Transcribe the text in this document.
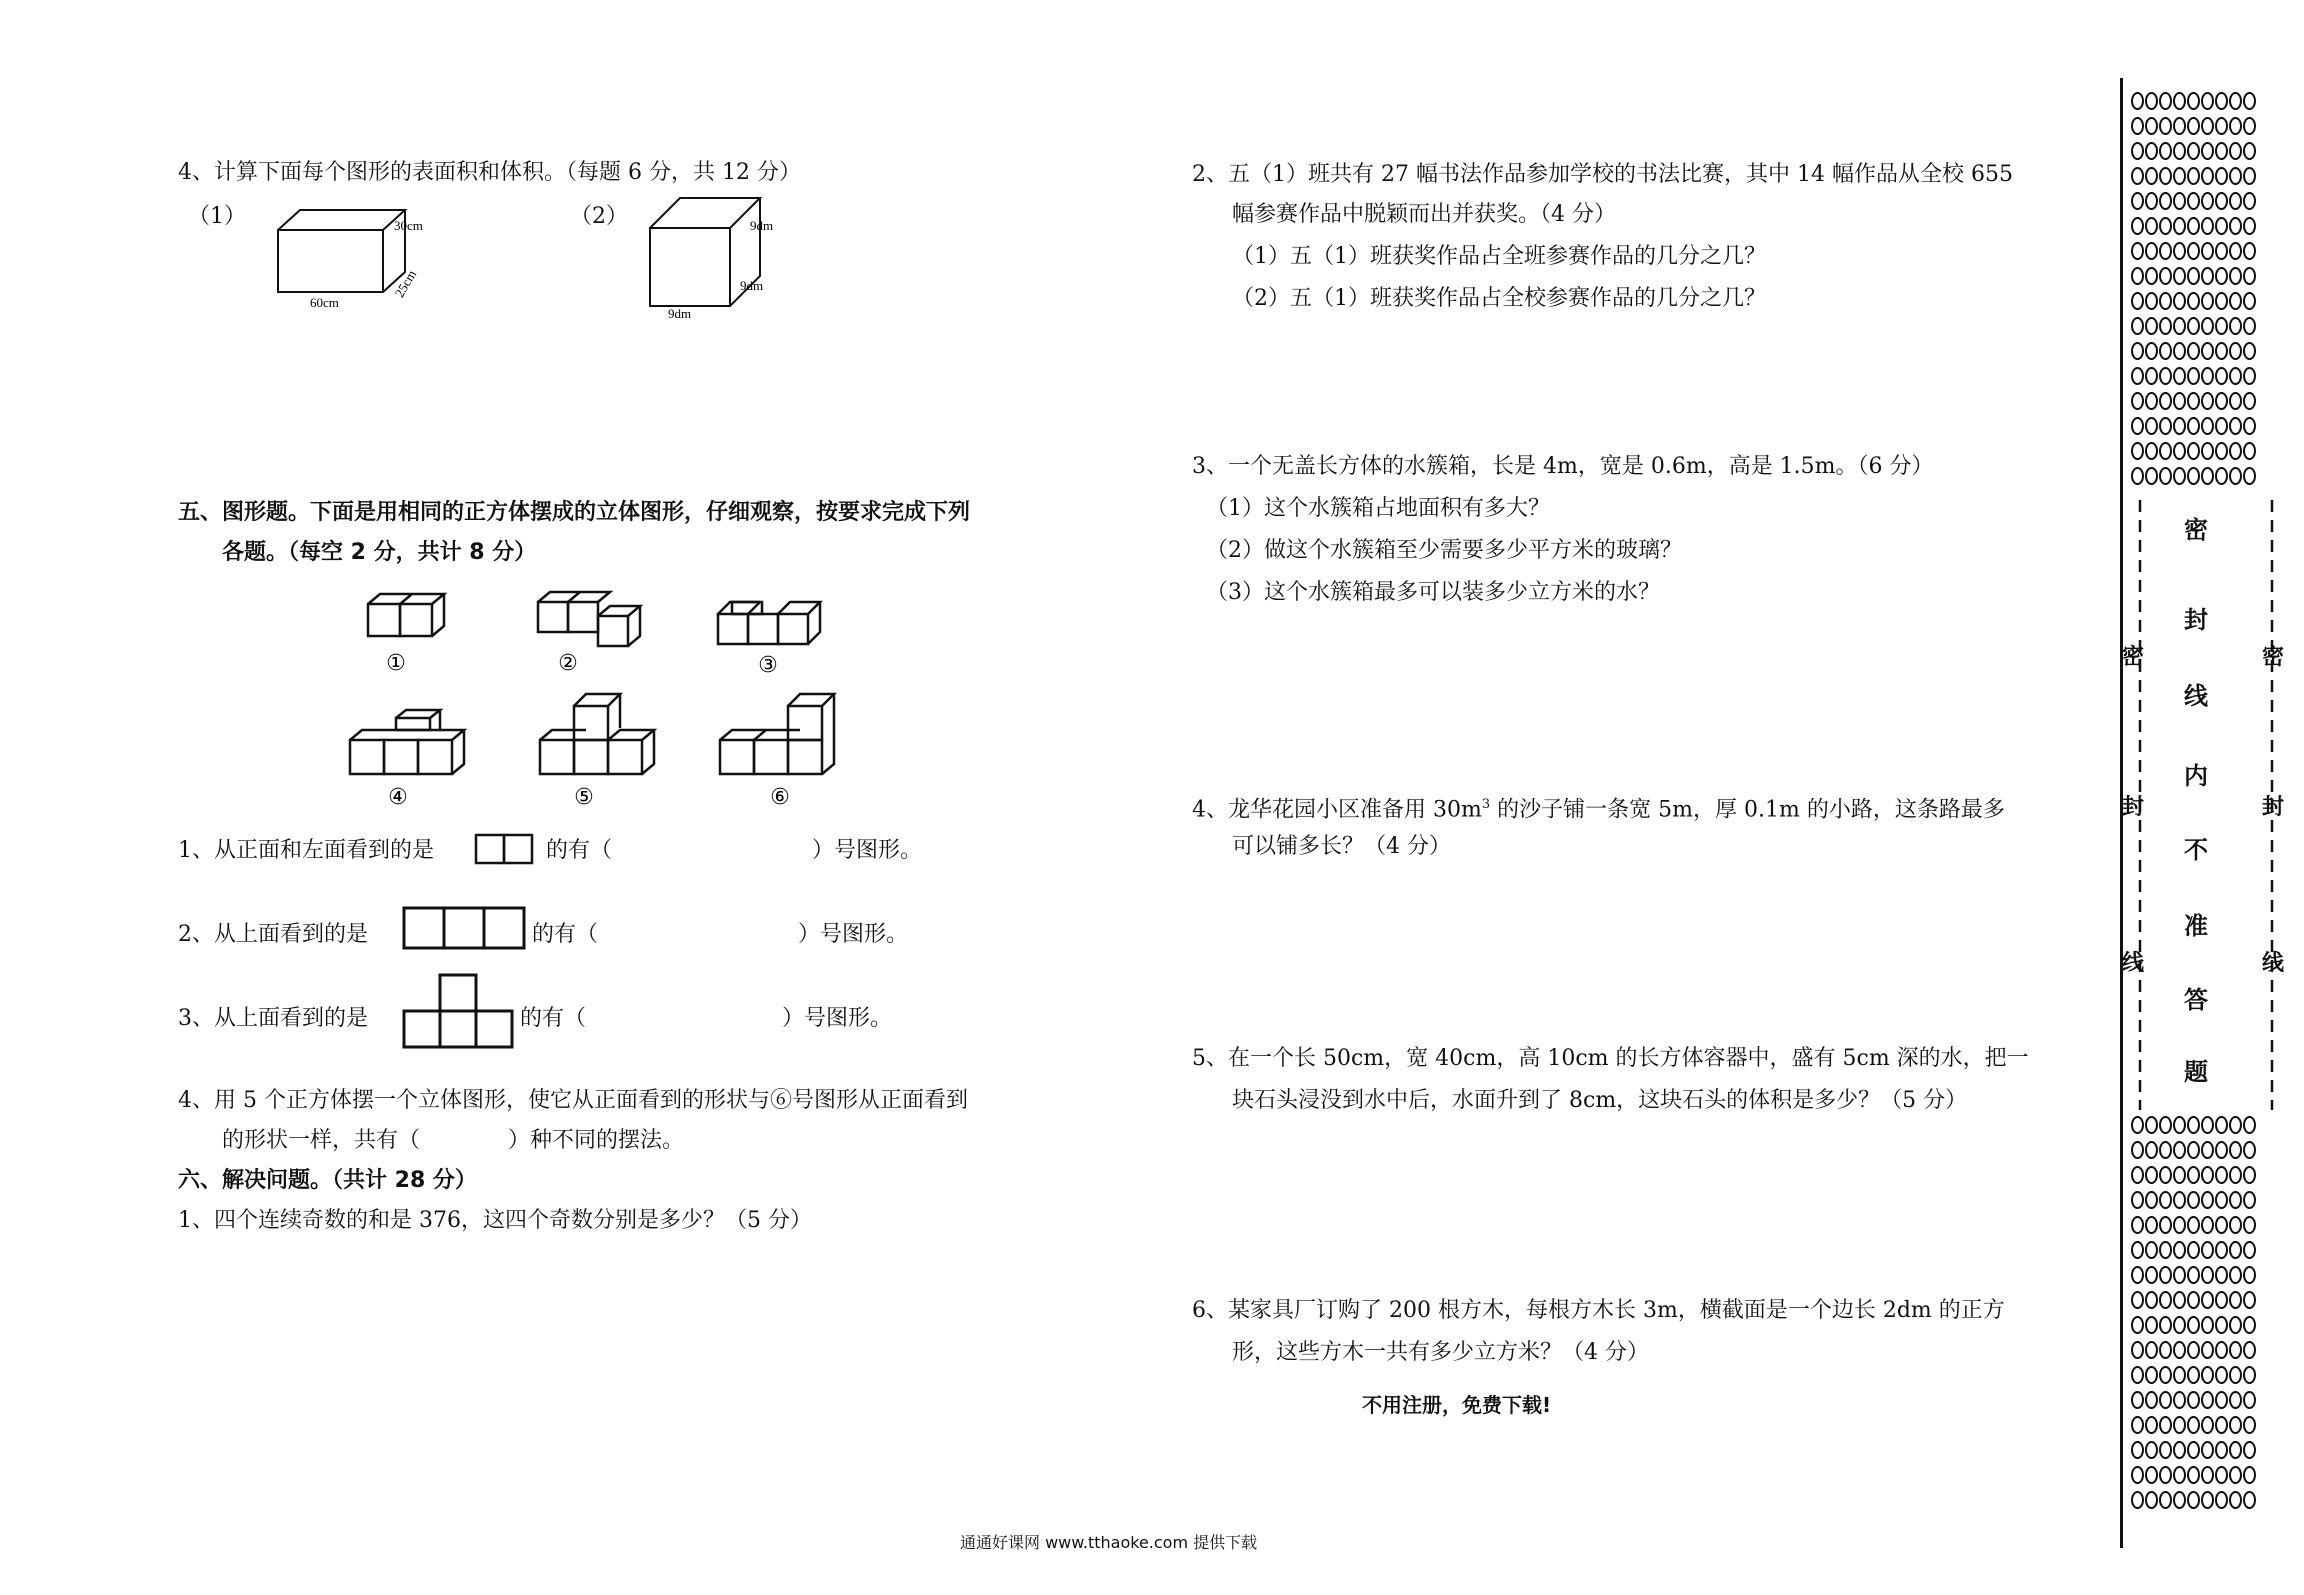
4、计算下面每个图形的表面积和体积。（每题 6 分，共 12 分）
（1）	（2）
30cm
60cm
25cm
9dm
9dm
9dm
五、图形题。下面是用相同的正方体摆成的立体图形，仔细观察，按要求完成下列
各题。（每空 2 分，共计 8 分）
①	②	③
④	⑤	⑥
1、从正面和左面看到的是	的有（	）号图形。
2、从上面看到的是	的有（	）号图形。
3、从上面看到的是	的有（	）号图形。
4、用 5 个正方体摆一个立体图形，使它从正面看到的形状与⑥号图形从正面看到
的形状一样，共有（	）种不同的摆法。
六、解决问题。（共计 28 分）
1、四个连续奇数的和是 376，这四个奇数分别是多少？（5 分）
2、五（1）班共有 27 幅书法作品参加学校的书法比赛，其中 14 幅作品从全校 655
幅参赛作品中脱颖而出并获奖。（4 分）
（1）五（1）班获奖作品占全班参赛作品的几分之几？
（2）五（1）班获奖作品占全校参赛作品的几分之几？
3、一个无盖长方体的水簇箱，长是 4m，宽是 0.6m，高是 1.5m。（6 分）
（1）这个水簇箱占地面积有多大？
（2）做这个水簇箱至少需要多少平方米的玻璃？
（3）这个水簇箱最多可以装多少立方米的水？
4、龙华花园小区准备用 $30m^3$ 的沙子铺一条宽 5m，厚 0.1m 的小路，这条路最多
可以铺多长？（4 分）
5、在一个长 50cm，宽 40cm，高 10cm 的长方体容器中，盛有 5cm 深的水，把一
块石头浸没到水中后，水面升到了 8cm，这块石头的体积是多少？（5 分）
6、某家具厂订购了 200 根方木，每根方木长 3m，横截面是一个边长 2dm 的正方
形，这些方木一共有多少立方米？（4 分）
不用注册，免费下载!
密
封
线
内
不
准
答
题
密
封
线
密
封
线
通通好课网 www.tthaoke.com 提供下载
